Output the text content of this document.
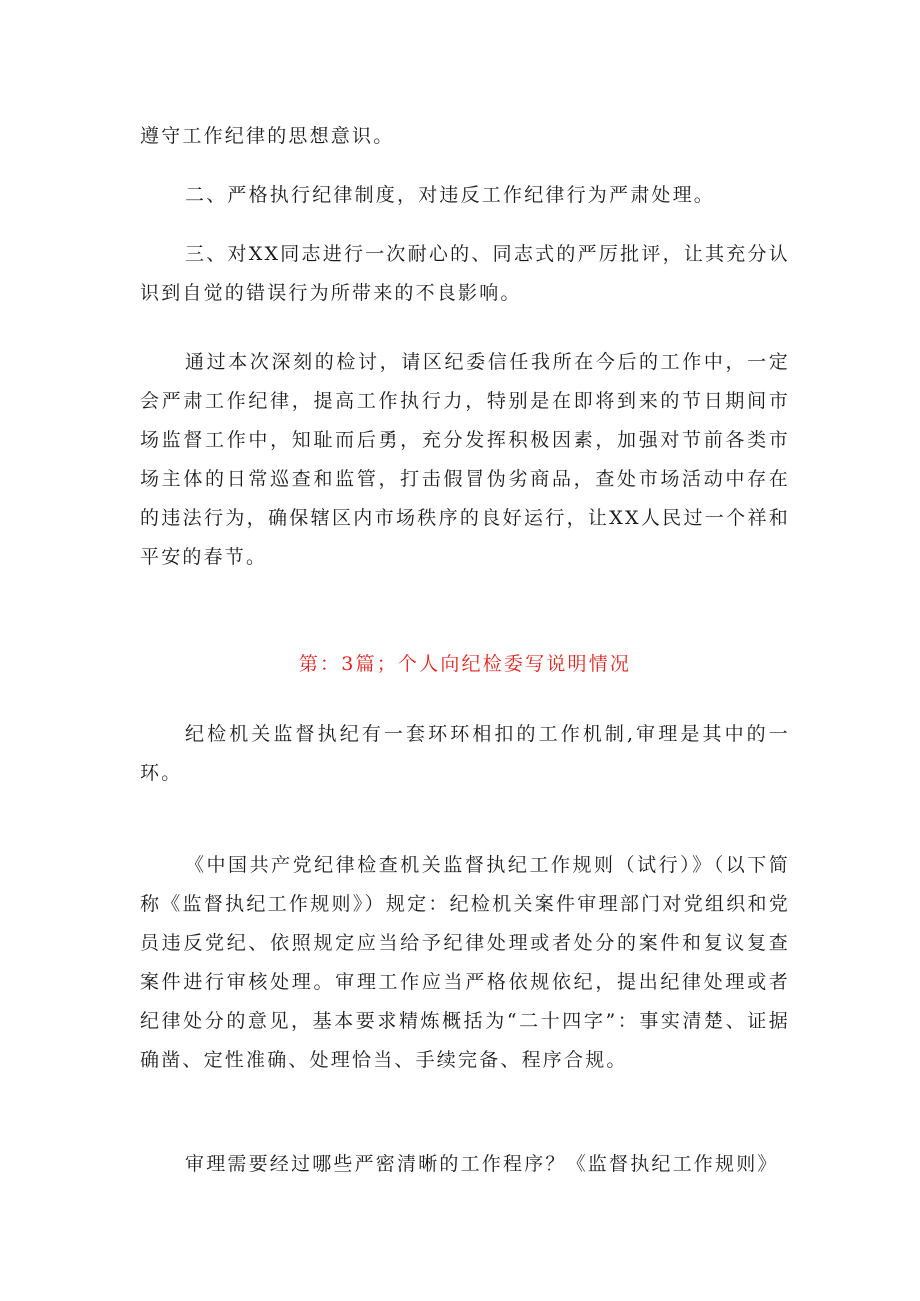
遵守工作纪律的思想意识。

二、严格执行纪律制度，对违反工作纪律行为严肃处理。

三、对XX同志进行一次耐心的、同志式的严厉批评，让其充分认识到自觉的错误行为所带来的不良影响。

通过本次深刻的检讨，请区纪委信任我所在今后的工作中，一定会严肃工作纪律，提高工作执行力，特别是在即将到来的节日期间市场监督工作中，知耻而后勇，充分发挥积极因素，加强对节前各类市场主体的日常巡查和监管，打击假冒伪劣商品，查处市场活动中存在的违法行为，确保辖区内市场秩序的良好运行，让XX人民过一个祥和平安的春节。

第：3篇；个人向纪检委写说明情况

纪检机关监督执纪有一套环环相扣的工作机制,审理是其中的一环。

《中国共产党纪律检查机关监督执纪工作规则（试行）》（以下简称《监督执纪工作规则》）规定：纪检机关案件审理部门对党组织和党员违反党纪、依照规定应当给予纪律处理或者处分的案件和复议复查案件进行审核处理。审理工作应当严格依规依纪，提出纪律处理或者纪律处分的意见，基本要求精炼概括为“二十四字”：事实清楚、证据确凿、定性准确、处理恰当、手续完备、程序合规。

审理需要经过哪些严密清晰的工作程序？《监督执纪工作规则》
